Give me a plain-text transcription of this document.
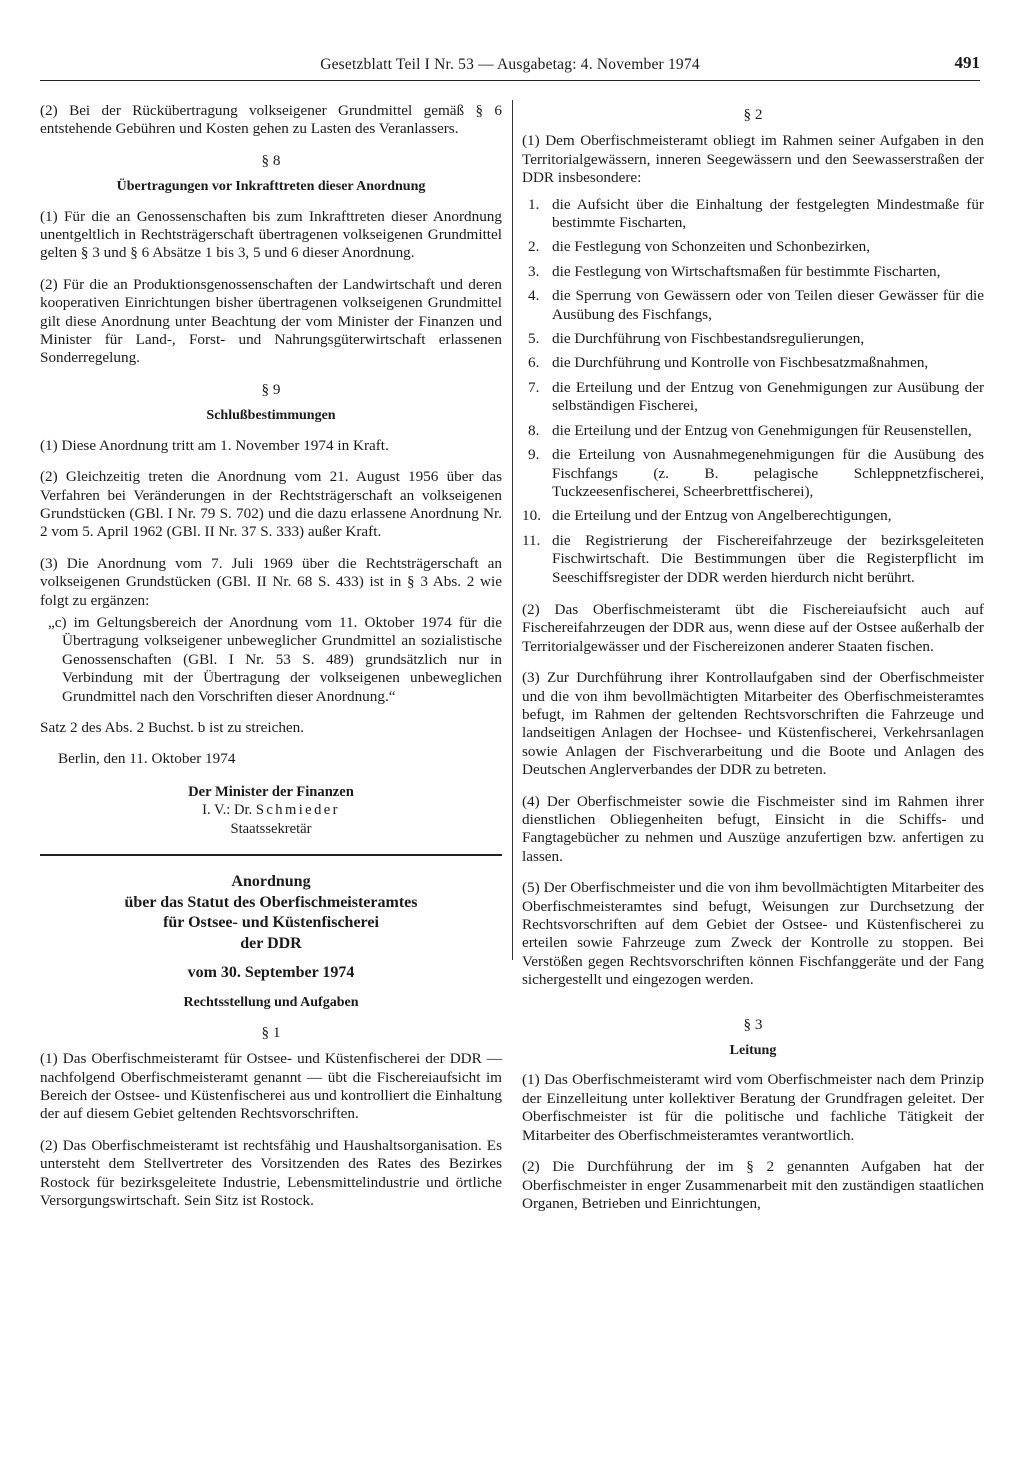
Gesetzblatt Teil I Nr. 53 — Ausgabetag: 4. November 1974	491

(2) Bei der Rückübertragung volkseigener Grundmittel gemäß § 6 entstehende Gebühren und Kosten gehen zu Lasten des Veranlassers.

§ 8
Übertragungen vor Inkrafttreten dieser Anordnung

(1) Für die an Genossenschaften bis zum Inkrafttreten dieser Anordnung unentgeltlich in Rechtsträgerschaft übertragenen volkseigenen Grundmittel gelten § 3 und § 6 Absätze 1 bis 3, 5 und 6 dieser Anordnung.

(2) Für die an Produktionsgenossenschaften der Landwirtschaft und deren kooperativen Einrichtungen bisher übertragenen volkseigenen Grundmittel gilt diese Anordnung unter Beachtung der vom Minister der Finanzen und Minister für Land-, Forst- und Nahrungsgüterwirtschaft erlassenen Sonderregelung.

§ 9
Schlußbestimmungen

(1) Diese Anordnung tritt am 1. November 1974 in Kraft.

(2) Gleichzeitig treten die Anordnung vom 21. August 1956 über das Verfahren bei Veränderungen in der Rechtsträgerschaft an volkseigenen Grundstücken (GBl. I Nr. 79 S. 702) und die dazu erlassene Anordnung Nr. 2 vom 5. April 1962 (GBl. II Nr. 37 S. 333) außer Kraft.

(3) Die Anordnung vom 7. Juli 1969 über die Rechtsträgerschaft an volkseigenen Grundstücken (GBl. II Nr. 68 S. 433) ist in § 3 Abs. 2 wie folgt zu ergänzen:

„c) im Geltungsbereich der Anordnung vom 11. Oktober 1974 für die Übertragung volkseigener unbeweglicher Grundmittel an sozialistische Genossenschaften (GBl. I Nr. 53 S. 489) grundsätzlich nur in Verbindung mit der Übertragung der volkseigenen unbeweglichen Grundmittel nach den Vorschriften dieser Anordnung.“

Satz 2 des Abs. 2 Buchst. b ist zu streichen.

Berlin, den 11. Oktober 1974

Der Minister der Finanzen

I. V.: Dr. Schmieder

Staatssekretär

Anordnung
über das Statut des Oberfischmeisteramtes
für Ostsee- und Küstenfischerei
der DDR
vom 30. September 1974
Rechtsstellung und Aufgaben
§ 1

(1) Das Oberfischmeisteramt für Ostsee- und Küstenfischerei der DDR — nachfolgend Oberfischmeisteramt genannt — übt die Fischereiaufsicht im Bereich der Ostsee- und Küstenfischerei aus und kontrolliert die Einhaltung der auf diesem Gebiet geltenden Rechtsvorschriften.

(2) Das Oberfischmeisteramt ist rechtsfähig und Haushaltsorganisation. Es untersteht dem Stellvertreter des Vorsitzenden des Rates des Bezirkes Rostock für bezirksgeleitete Industrie, Lebensmittelindustrie und örtliche Versorgungswirtschaft. Sein Sitz ist Rostock.

§ 2

(1) Dem Oberfischmeisteramt obliegt im Rahmen seiner Aufgaben in den Territorialgewässern, inneren Seegewässern und den Seewasserstraßen der DDR insbesondere:

1. die Aufsicht über die Einhaltung der festgelegten Mindestmaße für bestimmte Fischarten,
2. die Festlegung von Schonzeiten und Schonbezirken,
3. die Festlegung von Wirtschaftsmaßen für bestimmte Fischarten,
4. die Sperrung von Gewässern oder von Teilen dieser Gewässer für die Ausübung des Fischfangs,
5. die Durchführung von Fischbestandsregulierungen,
6. die Durchführung und Kontrolle von Fischbesatzmaßnahmen,
7. die Erteilung und der Entzug von Genehmigungen zur Ausübung der selbständigen Fischerei,
8. die Erteilung und der Entzug von Genehmigungen für Reusenstellen,
9. die Erteilung von Ausnahmegenehmigungen für die Ausübung des Fischfangs (z. B. pelagische Schleppnetzfischerei, Tuckzeesenfischerei, Scheerbrettfischerei),
10. die Erteilung und der Entzug von Angelberechtigungen,
11. die Registrierung der Fischereifahrzeuge der bezirksgeleiteten Fischwirtschaft. Die Bestimmungen über die Registerpflicht im Seeschiffsregister der DDR werden hierdurch nicht berührt.

(2) Das Oberfischmeisteramt übt die Fischereiaufsicht auch auf Fischereifahrzeugen der DDR aus, wenn diese auf der Ostsee außerhalb der Territorialgewässer und der Fischereizonen anderer Staaten fischen.

(3) Zur Durchführung ihrer Kontrollaufgaben sind der Oberfischmeister und die von ihm bevollmächtigten Mitarbeiter des Oberfischmeisteramtes befugt, im Rahmen der geltenden Rechtsvorschriften die Fahrzeuge und landseitigen Anlagen der Hochsee- und Küstenfischerei, Verkehrsanlagen sowie Anlagen der Fischverarbeitung und die Boote und Anlagen des Deutschen Anglerverbandes der DDR zu betreten.

(4) Der Oberfischmeister sowie die Fischmeister sind im Rahmen ihrer dienstlichen Obliegenheiten befugt, Einsicht in die Schiffs- und Fangtagebücher zu nehmen und Auszüge anzufertigen bzw. anfertigen zu lassen.

(5) Der Oberfischmeister und die von ihm bevollmächtigten Mitarbeiter des Oberfischmeisteramtes sind befugt, Weisungen zur Durchsetzung der Rechtsvorschriften auf dem Gebiet der Ostsee- und Küstenfischerei zu erteilen sowie Fahrzeuge zum Zweck der Kontrolle zu stoppen. Bei Verstößen gegen Rechtsvorschriften können Fischfanggeräte und der Fang sichergestellt und eingezogen werden.

§ 3
Leitung

(1) Das Oberfischmeisteramt wird vom Oberfischmeister nach dem Prinzip der Einzelleitung unter kollektiver Beratung der Grundfragen geleitet. Der Oberfischmeister ist für die politische und fachliche Tätigkeit der Mitarbeiter des Oberfischmeisteramtes verantwortlich.

(2) Die Durchführung der im § 2 genannten Aufgaben hat der Oberfischmeister in enger Zusammenarbeit mit den zuständigen staatlichen Organen, Betrieben und Einrichtungen,
